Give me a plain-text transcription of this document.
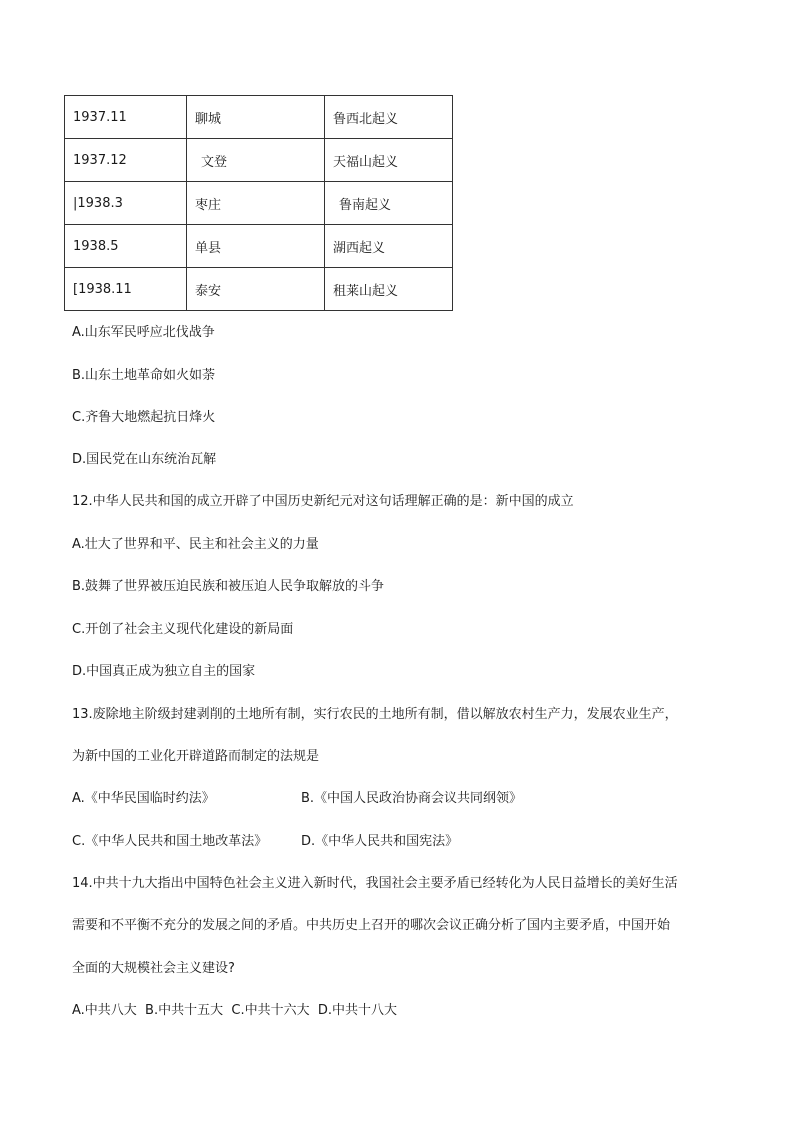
1937.11	聊城	鲁西北起义
1937.12	文登	天福山起义
|1938.3	枣庄	鲁南起义
1938.5	单县	湖西起义
[1938.11	泰安	租莱山起义
A.山东军民呼应北伐战争
B.山东土地革命如火如荼
C.齐鲁大地燃起抗日烽火
D.国民党在山东统治瓦解
12.中华人民共和国的成立开辟了中国历史新纪元对这句话理解正确的是：新中国的成立
A.壮大了世界和平、民主和社会主义的力量
B.鼓舞了世界被压迫民族和被压迫人民争取解放的斗争
C.开创了社会主义现代化建设的新局面
D.中国真正成为独立自主的国家
13.废除地主阶级封建剥削的土地所有制，实行农民的土地所有制，借以解放农村生产力，发展农业生产，
为新中国的工业化开辟道路而制定的法规是
A.《中华民国临时约法》	B.《中国人民政治协商会议共同纲领》
C.《中华人民共和国土地改革法》	D.《中华人民共和国宪法》
14.中共十九大指出中国特色社会主义进入新时代，我国社会主要矛盾已经转化为人民日益增长的美好生活
需要和不平衡不充分的发展之间的矛盾。中共历史上召开的哪次会议正确分析了国内主要矛盾，中国开始
全面的大规模社会主义建设?
A.中共八大  B.中共十五大  C.中共十六大  D.中共十八大
